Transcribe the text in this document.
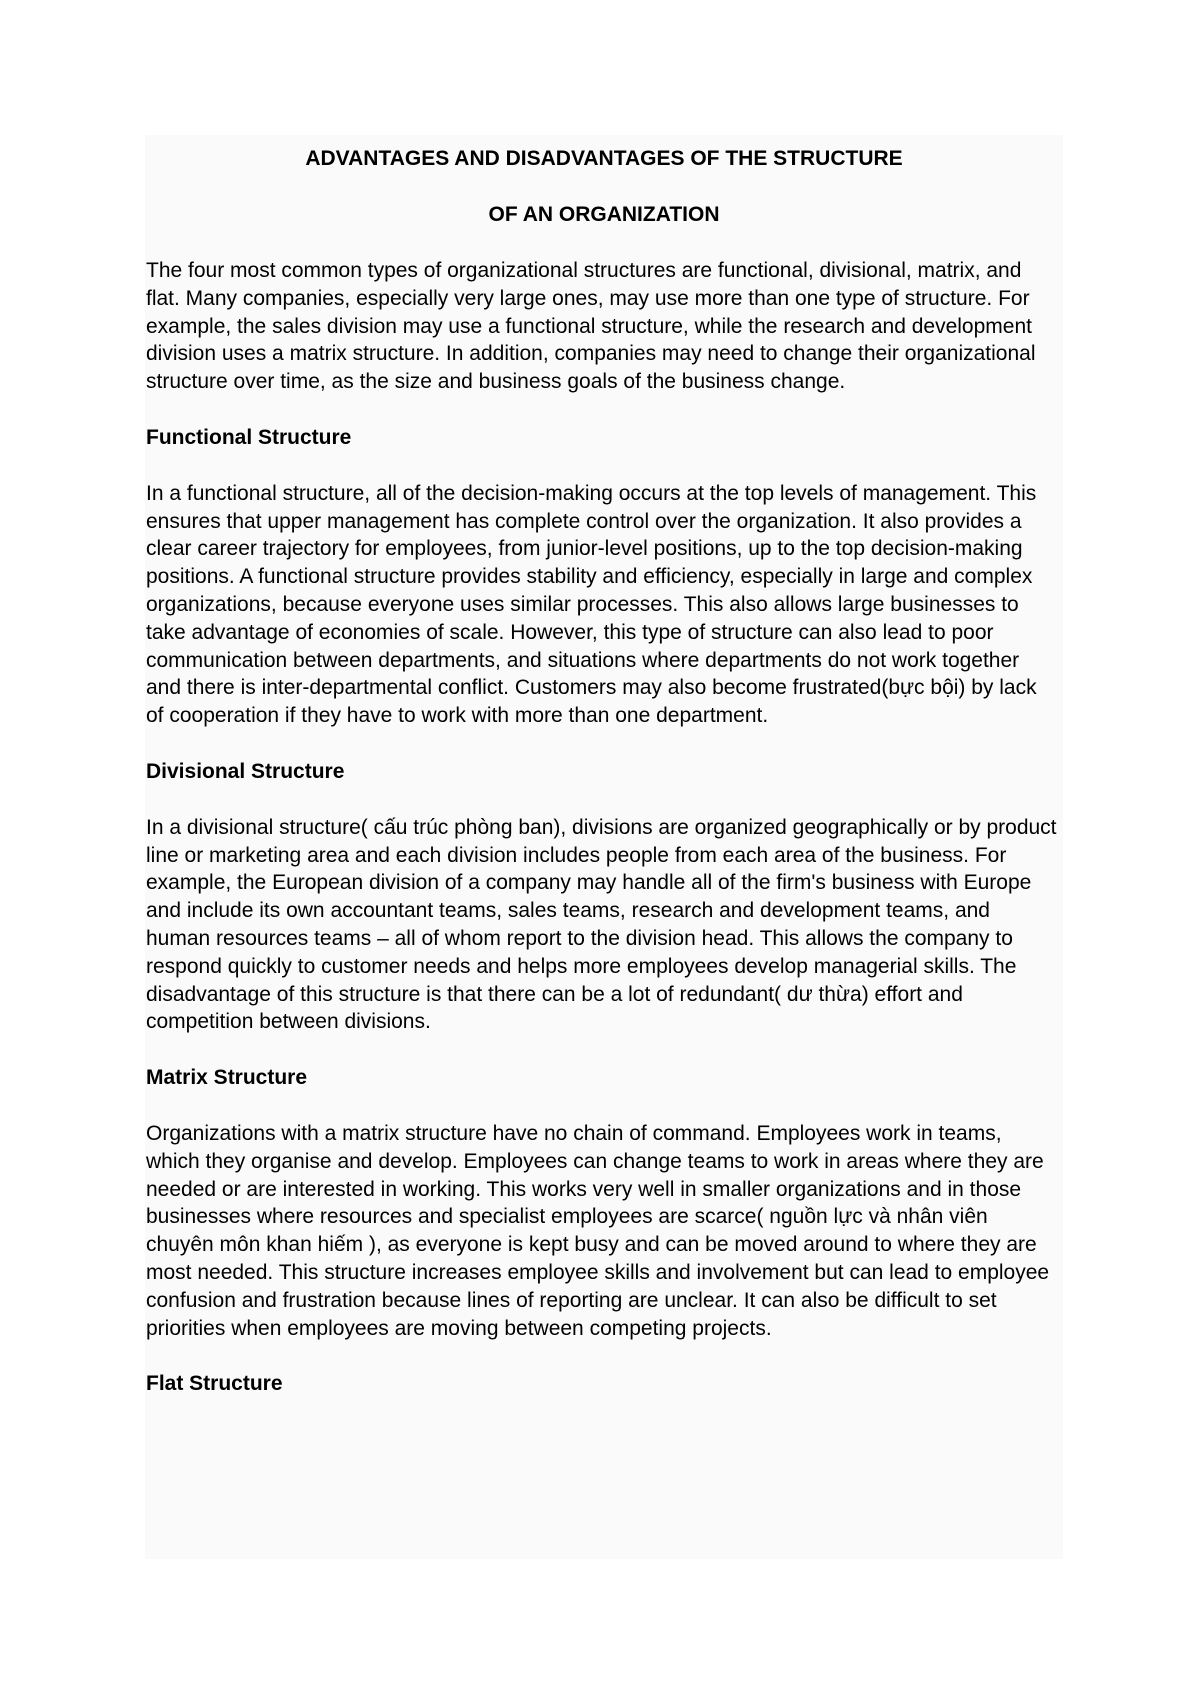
ADVANTAGES AND DISADVANTAGES OF THE STRUCTURE
OF AN ORGANIZATION

The four most common types of organizational structures are functional, divisional, matrix, and flat. Many companies, especially very large ones, may use more than one type of structure. For example, the sales division may use a functional structure, while the research and development division uses a matrix structure. In addition, companies may need to change their organizational structure over time, as the size and business goals of the business change.

Functional Structure

In a functional structure, all of the decision-making occurs at the top levels of management. This ensures that upper management has complete control over the organization. It also provides a clear career trajectory for employees, from junior-level positions, up to the top decision-making positions. A functional structure provides stability and efficiency, especially in large and complex organizations, because everyone uses similar processes. This also allows large businesses to take advantage of economies of scale. However, this type of structure can also lead to poor communication between departments, and situations where departments do not work together and there is inter-departmental conflict. Customers may also become frustrated(bực bội) by lack of cooperation if they have to work with more than one department.

Divisional Structure

In a divisional structure( cấu trúc phòng ban), divisions are organized geographically or by product line or marketing area and each division includes people from each area of the business. For example, the European division of a company may handle all of the firm's business with Europe and include its own accountant teams, sales teams, research and development teams, and human resources teams – all of whom report to the division head. This allows the company to respond quickly to customer needs and helps more employees develop managerial skills. The disadvantage of this structure is that there can be a lot of redundant( dư thừa) effort and competition between divisions.

Matrix Structure

Organizations with a matrix structure have no chain of command. Employees work in teams, which they organise and develop. Employees can change teams to work in areas where they are needed or are interested in working. This works very well in smaller organizations and in those businesses where resources and specialist employees are scarce( nguồn lực và nhân viên chuyên môn khan hiếm ), as everyone is kept busy and can be moved around to where they are most needed. This structure increases employee skills and involvement but can lead to employee confusion and frustration because lines of reporting are unclear. It can also be difficult to set priorities when employees are moving between competing projects.

Flat Structure
